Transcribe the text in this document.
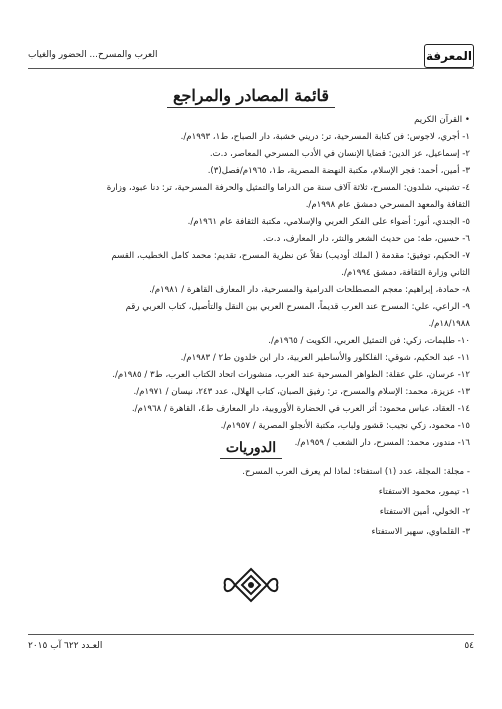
المعرفة
العرب والمسرح... الحضور والغياب
قائمة المصادر والمراجع
• القرآن الكريم
١- أجري، لاجوس: فن كتابة المسرحية، تر: دريني خشبة، دار الصباح، ط١، ١٩٩٣م/.
٢- إسماعيل، عز الدين: قضايا الإنسان في الأدب المسرحي المعاصر، د.ت.
٣- أمين، أحمد: فجر الإسلام، مكتبة النهضة المصرية، ط١، ١٩٦٥م/فصل(٣).
٤- تشيني، شلدون: المسرح، ثلاثة آلاف سنة من الدراما والتمثيل والحرفة المسرحية، تر: دنا عبود، وزارة
الثقافة والمعهد المسرحي دمشق عام ١٩٩٨م/.
٥- الجندي، أنور: أضواء على الفكر العربي والإسلامي، مكتبة الثقافة عام ١٩٦١م/.
٦- حسين، طه: من حديث الشعر والنثر، دار المعارف، د.ت.
٧- الحكيم، توفيق: مقدمة ( الملك أوديب) نقلاً عن نظرية المسرح، تقديم: محمد كامل الخطيب، القسم
الثاني وزارة الثقافة، دمشق ١٩٩٤م/.
٨- حمادة، إبراهيم: معجم المصطلحات الدرامية والمسرحية، دار المعارف القاهرة / ١٩٨١م/.
٩- الراعي، علي: المسرح عند العرب قديماً، المسرح العربي بين النقل والتأصيل، كتاب العربي رقم
١٨/١٩٨٨م/.
١٠- طليمات، زكي: فن التمثيل العربي، الكويت / ١٩٦٥م/.
١١- عبد الحكيم، شوقي: الفلكلور والأساطير العربية، دار ابن خلدون ط٢ / ١٩٨٣م/.
١٢- عرسان، علي عقلة: الظواهر المسرحية عند العرب، منشورات اتحاد الكتاب العرب، ط٣ / ١٩٨٥م/.
١٣- عزيزة، محمد: الإسلام والمسرح، تر: رفيق الصبان، كتاب الهلال، عدد ٢٤٣، نيسان / ١٩٧١م/.
١٤- العقاد، عباس محمود: أثر العرب في الحضارة الأوروبية، دار المعارف ط٤، القاهرة / ١٩٦٨م/.
١٥- محمود، زكي نجيب: قشور ولباب، مكتبة الأنجلو المصرية / ١٩٥٧م/.
١٦- مندور، محمد: المسرح، دار الشعب / ١٩٥٩م/.
الدوريات
- مجلة: المجلة، عدد (١) استفتاء: لماذا لم يعرف العرب المسرح.
١- تيمور، محمود الاستفتاء
٢- الخولي، أمين الاستفتاء
٣- القلماوي، سهير الاستفتاء
٥٤
العـدد ٦٢٢ آب ٢٠١٥
